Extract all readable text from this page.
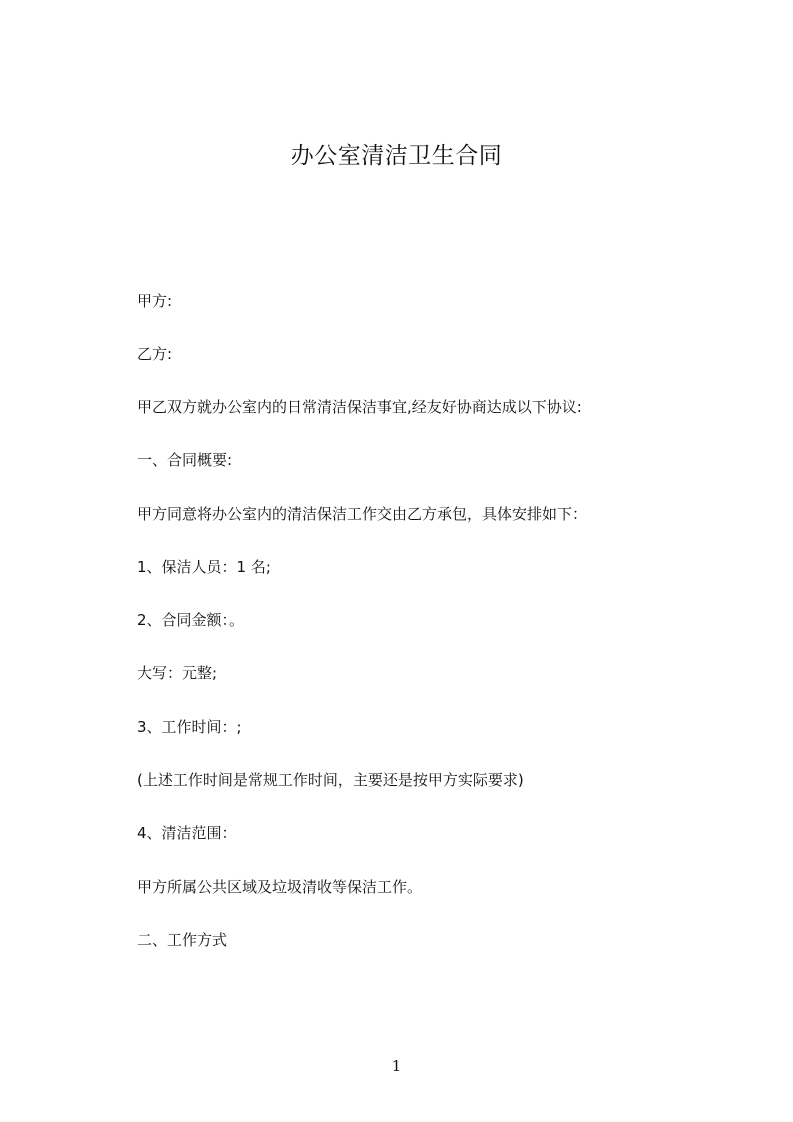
办公室清洁卫生合同
甲方:
乙方:
甲乙双方就办公室内的日常清洁保洁事宜,经友好协商达成以下协议:
一、合同概要:
甲方同意将办公室内的清洁保洁工作交由乙方承包，具体安排如下：
1、保洁人员：1 名;
2、合同金额：。
大写：元整;
3、工作时间：;
(上述工作时间是常规工作时间，主要还是按甲方实际要求)
4、清洁范围：
甲方所属公共区域及垃圾清收等保洁工作。
二、工作方式
1
